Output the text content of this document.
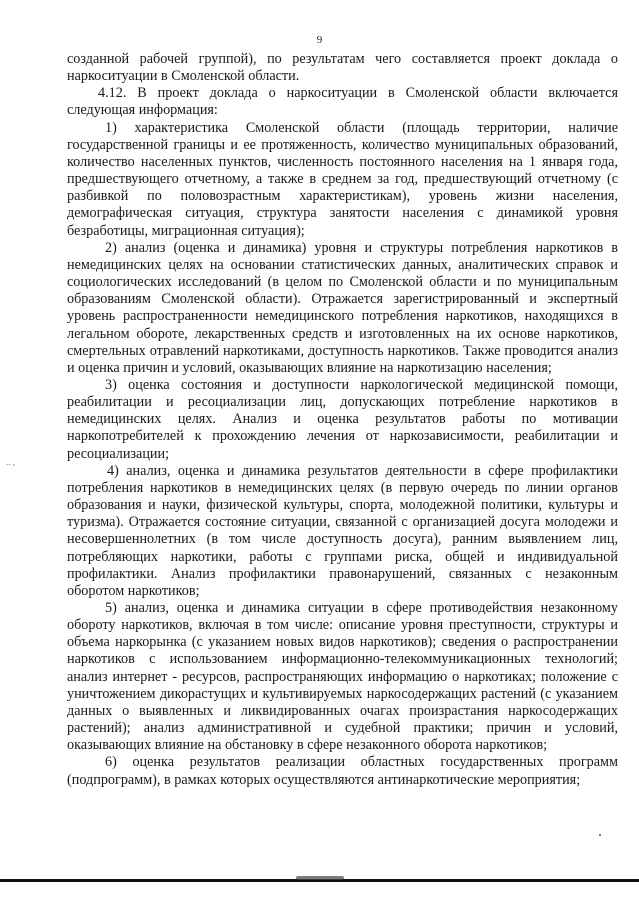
9

созданной рабочей группой), по результатам чего составляется проект доклада о наркоситуации в Смоленской области.

4.12. В проект доклада о наркоситуации в Смоленской области включается следующая информация:

1) характеристика Смоленской области (площадь территории, наличие государственной границы и ее протяженность, количество муниципальных образований, количество населенных пунктов, численность постоянного населения на 1 января года, предшествующего отчетному, а также в среднем за год, предшествующий отчетному (с разбивкой по половозрастным характеристикам), уровень жизни населения, демографическая ситуация, структура занятости населения с динамикой уровня безработицы, миграционная ситуация);

2) анализ (оценка и динамика) уровня и структуры потребления наркотиков в немедицинских целях на основании статистических данных, аналитических справок и социологических исследований (в целом по Смоленской области и по муниципальным образованиям Смоленской области). Отражается зарегистрированный и экспертный уровень распространенности немедицинского потребления наркотиков, находящихся в легальном обороте, лекарственных средств и изготовленных на их основе наркотиков, смертельных отравлений наркотиками, доступность наркотиков. Также проводится анализ и оценка причин и условий, оказывающих влияние на наркотизацию населения;

3) оценка состояния и доступности наркологической медицинской помощи, реабилитации и ресоциализации лиц, допускающих потребление наркотиков в немедицинских целях. Анализ и оценка результатов работы по мотивации наркопотребителей к прохождению лечения от наркозависимости, реабилитации и ресоциализации;

4) анализ, оценка и динамика результатов деятельности в сфере профилактики потребления наркотиков в немедицинских целях (в первую очередь по линии органов образования и науки, физической культуры, спорта, молодежной политики, культуры и туризма). Отражается состояние ситуации, связанной с организацией досуга молодежи и несовершеннолетних (в том числе доступность досуга), ранним выявлением лиц, потребляющих наркотики, работы с группами риска, общей и индивидуальной профилактики. Анализ профилактики правонарушений, связанных с незаконным оборотом наркотиков;

5) анализ, оценка и динамика ситуации в сфере противодействия незаконному обороту наркотиков, включая в том числе: описание уровня преступности, структуры и объема наркорынка (с указанием новых видов наркотиков); сведения о распространении наркотиков с использованием информационно-телекоммуникационных технологий; анализ интернет - ресурсов, распространяющих информацию о наркотиках; положение с уничтожением дикорастущих и культивируемых наркосодержащих растений (с указанием данных о выявленных и ликвидированных очагах произрастания наркосодержащих растений); анализ административной и судебной практики; причин и условий, оказывающих влияние на обстановку в сфере незаконного оборота наркотиков;

6) оценка результатов реализации областных государственных программ (подпрограмм), в рамках которых осуществляются антинаркотические мероприятия;

.. ,
